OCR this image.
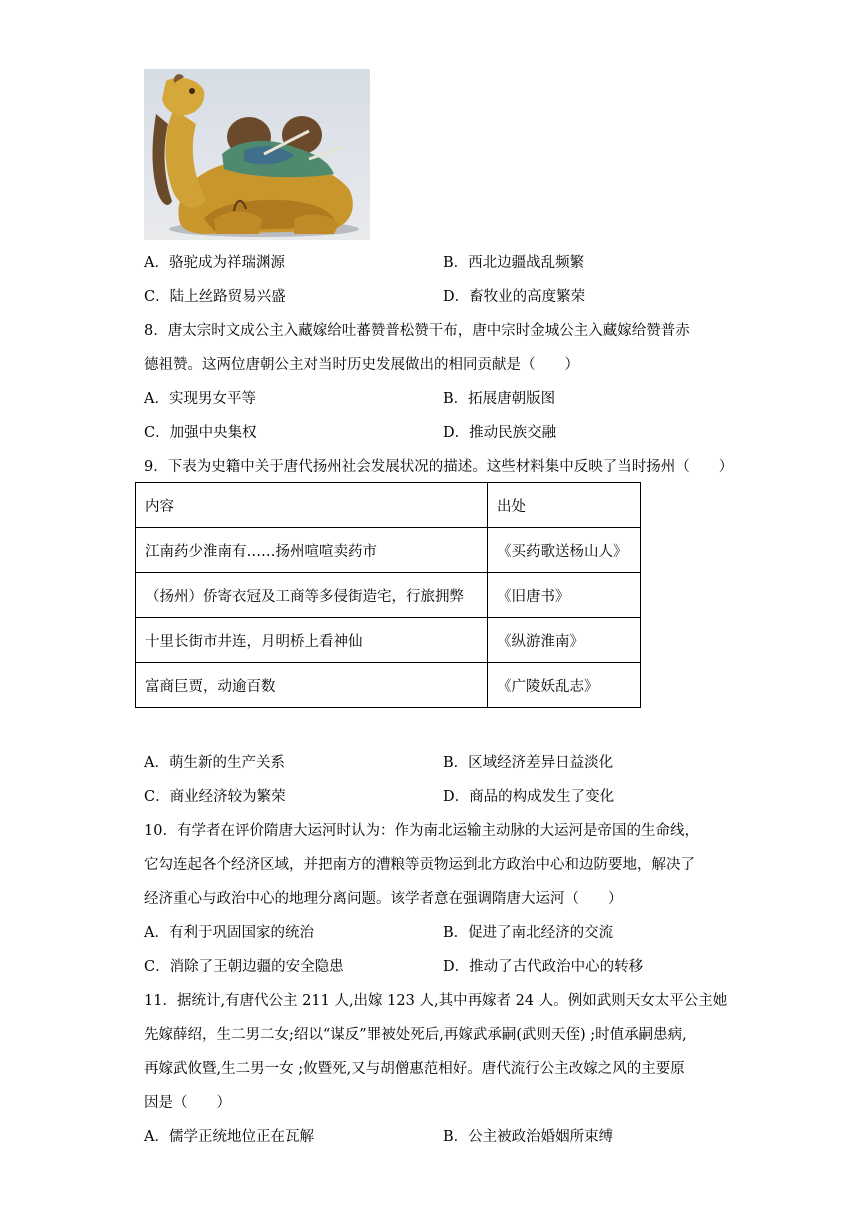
A．骆驼成为祥瑞渊源	B．西北边疆战乱频繁
C．陆上丝路贸易兴盛	D．畜牧业的高度繁荣
8．唐太宗时文成公主入藏嫁给吐蕃赞普松赞干布，唐中宗时金城公主入藏嫁给赞普赤
德祖赞。这两位唐朝公主对当时历史发展做出的相同贡献是（　　）
A．实现男女平等	B．拓展唐朝版图
C．加强中央集权	D．推动民族交融
9．下表为史籍中关于唐代扬州社会发展状况的描述。这些材料集中反映了当时扬州（　　）
内容	出处
江南药少淮南有……扬州喧喧卖药市	《买药歌送杨山人》
（扬州）侨寄衣冠及工商等多侵街造宅，行旅拥弊	《旧唐书》
十里长街市井连，月明桥上看神仙	《纵游淮南》
富商巨贾，动逾百数	《广陵妖乱志》
A．萌生新的生产关系	B．区域经济差异日益淡化
C．商业经济较为繁荣	D．商品的构成发生了变化
10．有学者在评价隋唐大运河时认为：作为南北运输主动脉的大运河是帝国的生命线，
它勾连起各个经济区域，并把南方的漕粮等贡物运到北方政治中心和边防要地，解决了
经济重心与政治中心的地理分离问题。该学者意在强调隋唐大运河（　　）
A．有利于巩固国家的统治	B．促进了南北经济的交流
C．消除了王朝边疆的安全隐患	D．推动了古代政治中心的转移
11．据统计,有唐代公主 211 人,出嫁 123 人,其中再嫁者 24 人。例如武则天女太平公主她
先嫁薛绍，生二男二女;绍以“谋反”罪被处死后,再嫁武承嗣(武则天侄) ;时值承嗣患病,
再嫁武攸暨,生二男一女 ;攸暨死,又与胡僧惠范相好。唐代流行公主改嫁之风的主要原
因是（　　）
A．儒学正统地位正在瓦解	B．公主被政治婚姻所束缚
